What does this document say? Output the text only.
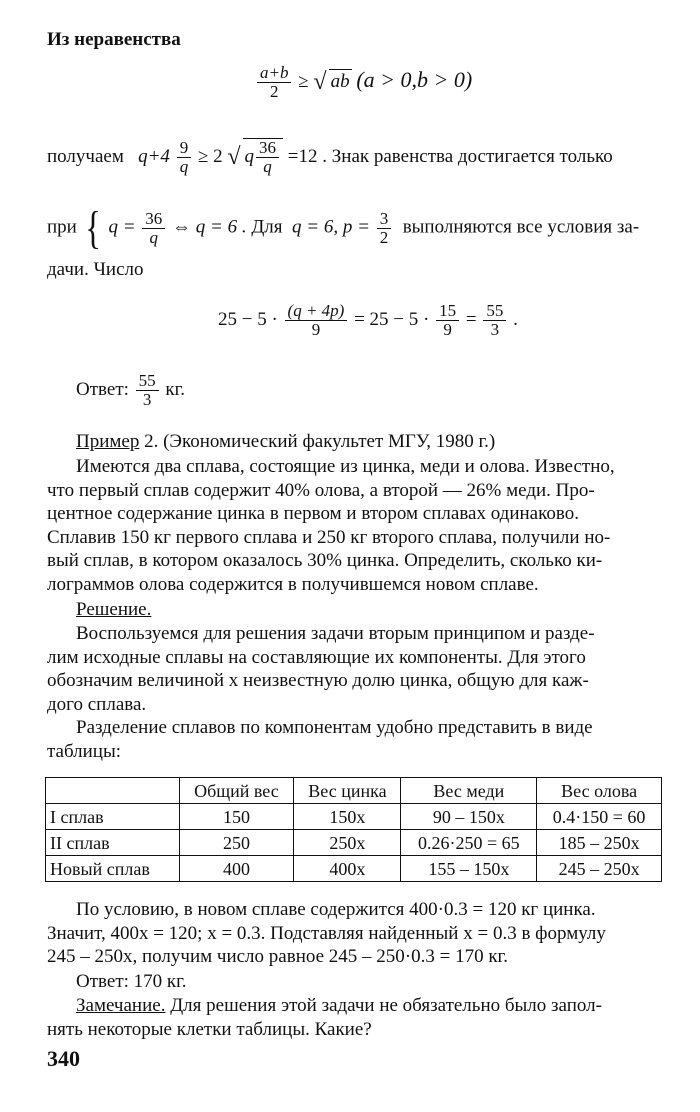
Из неравенства
$\frac{a+b}{2}$ ≥ √ ab (a > 0,b > 0)
получаем $q+4 \frac{9}{q} \ge 2$ √ q $\frac{36}{q} =12$ . Знак равенства достигается только
при { $q = \frac{36}{q}$ ⇔ q = 6 . Для q = 6, $p = \frac{3}{2}$ выполняются все условия за-
дачи. Число
$25 - 5 \cdot \frac{(q + 4p)}{9} = 25 - 5 \cdot \frac{15}{9} = \frac{55}{3}$ .
Ответ: $\frac{55}{3}$ кг.
Пример 2. (Экономический факультет МГУ, 1980 г.)
Имеются два сплава, состоящие из цинка, меди и олова. Известно,
что первый сплав содержит 40% олова, а второй — 26% меди. Про-
центное содержание цинка в первом и втором сплавах одинаково.
Сплавив 150 кг первого сплава и 250 кг второго сплава, получили но-
вый сплав, в котором оказалось 30% цинка. Определить, сколько ки-
лограммов олова содержится в получившемся новом сплаве.
Решение.
Воспользуемся для решения задачи вторым принципом и разде-
лим исходные сплавы на составляющие их компоненты. Для этого
обозначим величиной x неизвестную долю цинка, общую для каж-
дого сплава.
Разделение сплавов по компонентам удобно представить в виде
таблицы:
	Общий вес	Вес цинка	Вес меди	Вес олова
I сплав	150	150x	90 – 150x	0.4·150 = 60
II сплав	250	250x	0.26·250 = 65	185 – 250x
Новый сплав	400	400x	155 – 150x	245 – 250x
По условию, в новом сплаве содержится 400·0.3 = 120 кг цинка.
Значит, 400x = 120; x = 0.3. Подставляя найденный x = 0.3 в формулу
245 – 250x, получим число равное 245 – 250·0.3 = 170 кг.
Ответ: 170 кг.
Замечание. Для решения этой задачи не обязательно было запол-
нять некоторые клетки таблицы. Какие?
340
